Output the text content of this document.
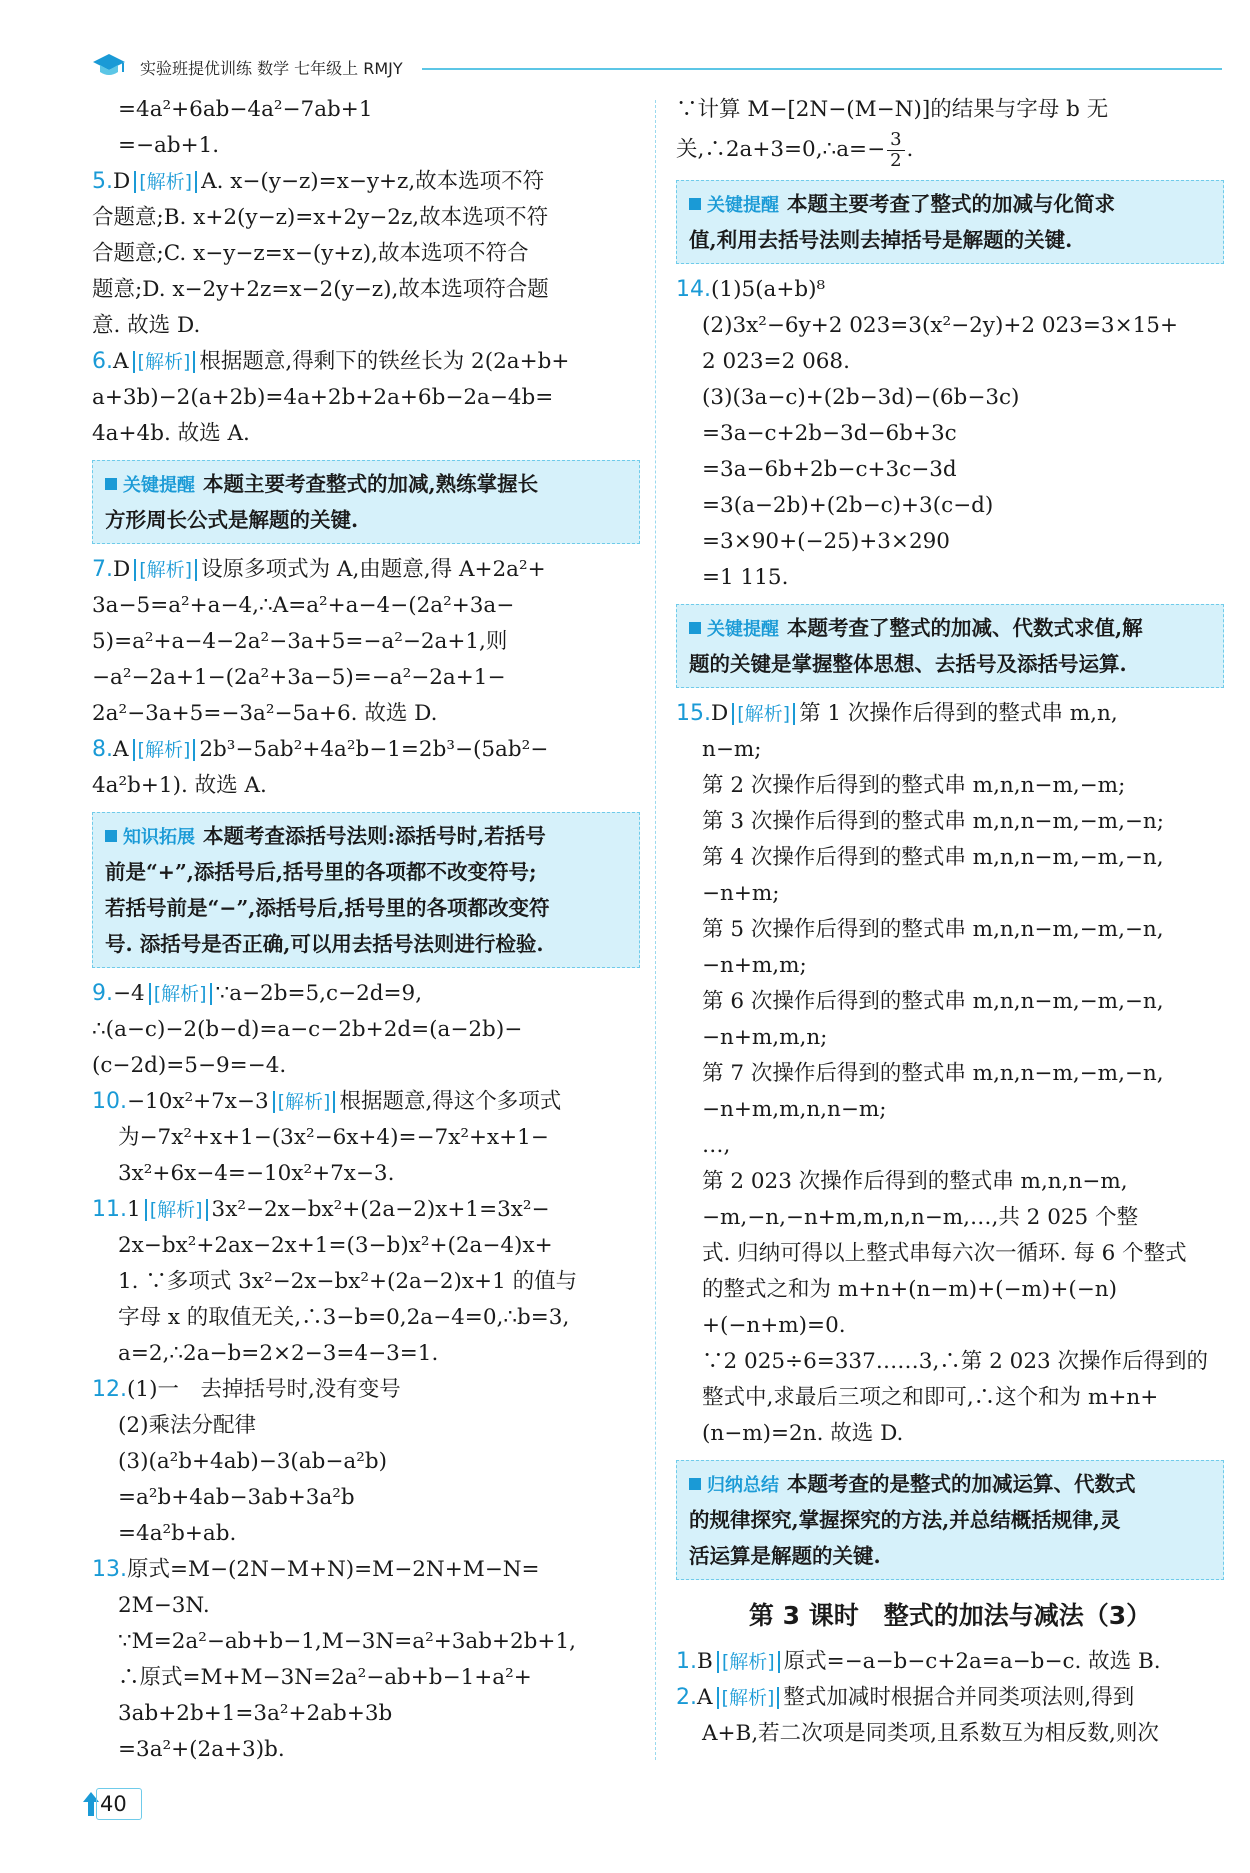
实验班提优训练 数学 七年级上 RMJY
=4a²+6ab−4a²−7ab+1
=−ab+1.
5.D [解析] A. x−(y−z)=x−y+z,故本选项不符
合题意;B. x+2(y−z)=x+2y−2z,故本选项不符
合题意;C. x−y−z=x−(y+z),故本选项不符合
题意;D. x−2y+2z=x−2(y−z),故本选项符合题
意. 故选 D.
6.A [解析] 根据题意,得剩下的铁丝长为 2(2a+b+
a+3b)−2(a+2b)=4a+2b+2a+6b−2a−4b=
4a+4b. 故选 A.
关键提醒 本题主要考查整式的加减,熟练掌握长
方形周长公式是解题的关键.
7.D [解析] 设原多项式为 A,由题意,得 A+2a²+
3a−5=a²+a−4,∴A=a²+a−4−(2a²+3a−
5)=a²+a−4−2a²−3a+5=−a²−2a+1,则
−a²−2a+1−(2a²+3a−5)=−a²−2a+1−
2a²−3a+5=−3a²−5a+6. 故选 D.
8.A [解析] 2b³−5ab²+4a²b−1=2b³−(5ab²−
4a²b+1). 故选 A.
知识拓展 本题考查添括号法则:添括号时,若括号
前是“+”,添括号后,括号里的各项都不改变符号;
若括号前是“−”,添括号后,括号里的各项都改变符
号. 添括号是否正确,可以用去括号法则进行检验.
9.−4 [解析] ∵a−2b=5,c−2d=9,
∴(a−c)−2(b−d)=a−c−2b+2d=(a−2b)−
(c−2d)=5−9=−4.
10.−10x²+7x−3 [解析] 根据题意,得这个多项式
为−7x²+x+1−(3x²−6x+4)=−7x²+x+1−
3x²+6x−4=−10x²+7x−3.
11.1 [解析] 3x²−2x−bx²+(2a−2)x+1=3x²−
2x−bx²+2ax−2x+1=(3−b)x²+(2a−4)x+
1. ∵多项式 3x²−2x−bx²+(2a−2)x+1 的值与
字母 x 的取值无关,∴3−b=0,2a−4=0,∴b=3,
a=2,∴2a−b=2×2−3=4−3=1.
12.(1)一　去掉括号时,没有变号
(2)乘法分配律
(3)(a²b+4ab)−3(ab−a²b)
=a²b+4ab−3ab+3a²b
=4a²b+ab.
13.原式=M−(2N−M+N)=M−2N+M−N=
2M−3N.
∵M=2a²−ab+b−1,M−3N=a²+3ab+2b+1,
∴原式=M+M−3N=2a²−ab+b−1+a²+
3ab+2b+1=3a²+2ab+3b
=3a²+(2a+3)b.
∵计算 M−[2N−(M−N)]的结果与字母 b 无
关,∴2a+3=0,∴a=− $\frac{3}{2}$ .
关键提醒 本题主要考查了整式的加减与化简求
值,利用去括号法则去掉括号是解题的关键.
14.(1)5(a+b)⁸
(2)3x²−6y+2 023=3(x²−2y)+2 023=3×15+
2 023=2 068.
(3)(3a−c)+(2b−3d)−(6b−3c)
=3a−c+2b−3d−6b+3c
=3a−6b+2b−c+3c−3d
=3(a−2b)+(2b−c)+3(c−d)
=3×90+(−25)+3×290
=1 115.
关键提醒 本题考查了整式的加减、代数式求值,解
题的关键是掌握整体思想、去括号及添括号运算.
15.D [解析] 第 1 次操作后得到的整式串 m,n,
n−m;
第 2 次操作后得到的整式串 m,n,n−m,−m;
第 3 次操作后得到的整式串 m,n,n−m,−m,−n;
第 4 次操作后得到的整式串 m,n,n−m,−m,−n,
−n+m;
第 5 次操作后得到的整式串 m,n,n−m,−m,−n,
−n+m,m;
第 6 次操作后得到的整式串 m,n,n−m,−m,−n,
−n+m,m,n;
第 7 次操作后得到的整式串 m,n,n−m,−m,−n,
−n+m,m,n,n−m;
…,
第 2 023 次操作后得到的整式串 m,n,n−m,
−m,−n,−n+m,m,n,n−m,…,共 2 025 个整
式. 归纳可得以上整式串每六次一循环. 每 6 个整式
的整式之和为 m+n+(n−m)+(−m)+(−n)
+(−n+m)=0.
∵2 025÷6=337……3,∴第 2 023 次操作后得到的
整式中,求最后三项之和即可,∴这个和为 m+n+
(n−m)=2n. 故选 D.
归纳总结 本题考查的是整式的加减运算、代数式
的规律探究,掌握探究的方法,并总结概括规律,灵
活运算是解题的关键.
第 3 课时　整式的加法与减法（3）
1.B [解析] 原式=−a−b−c+2a=a−b−c. 故选 B.
2.A [解析] 整式加减时根据合并同类项法则,得到
A+B,若二次项是同类项,且系数互为相反数,则次
40
